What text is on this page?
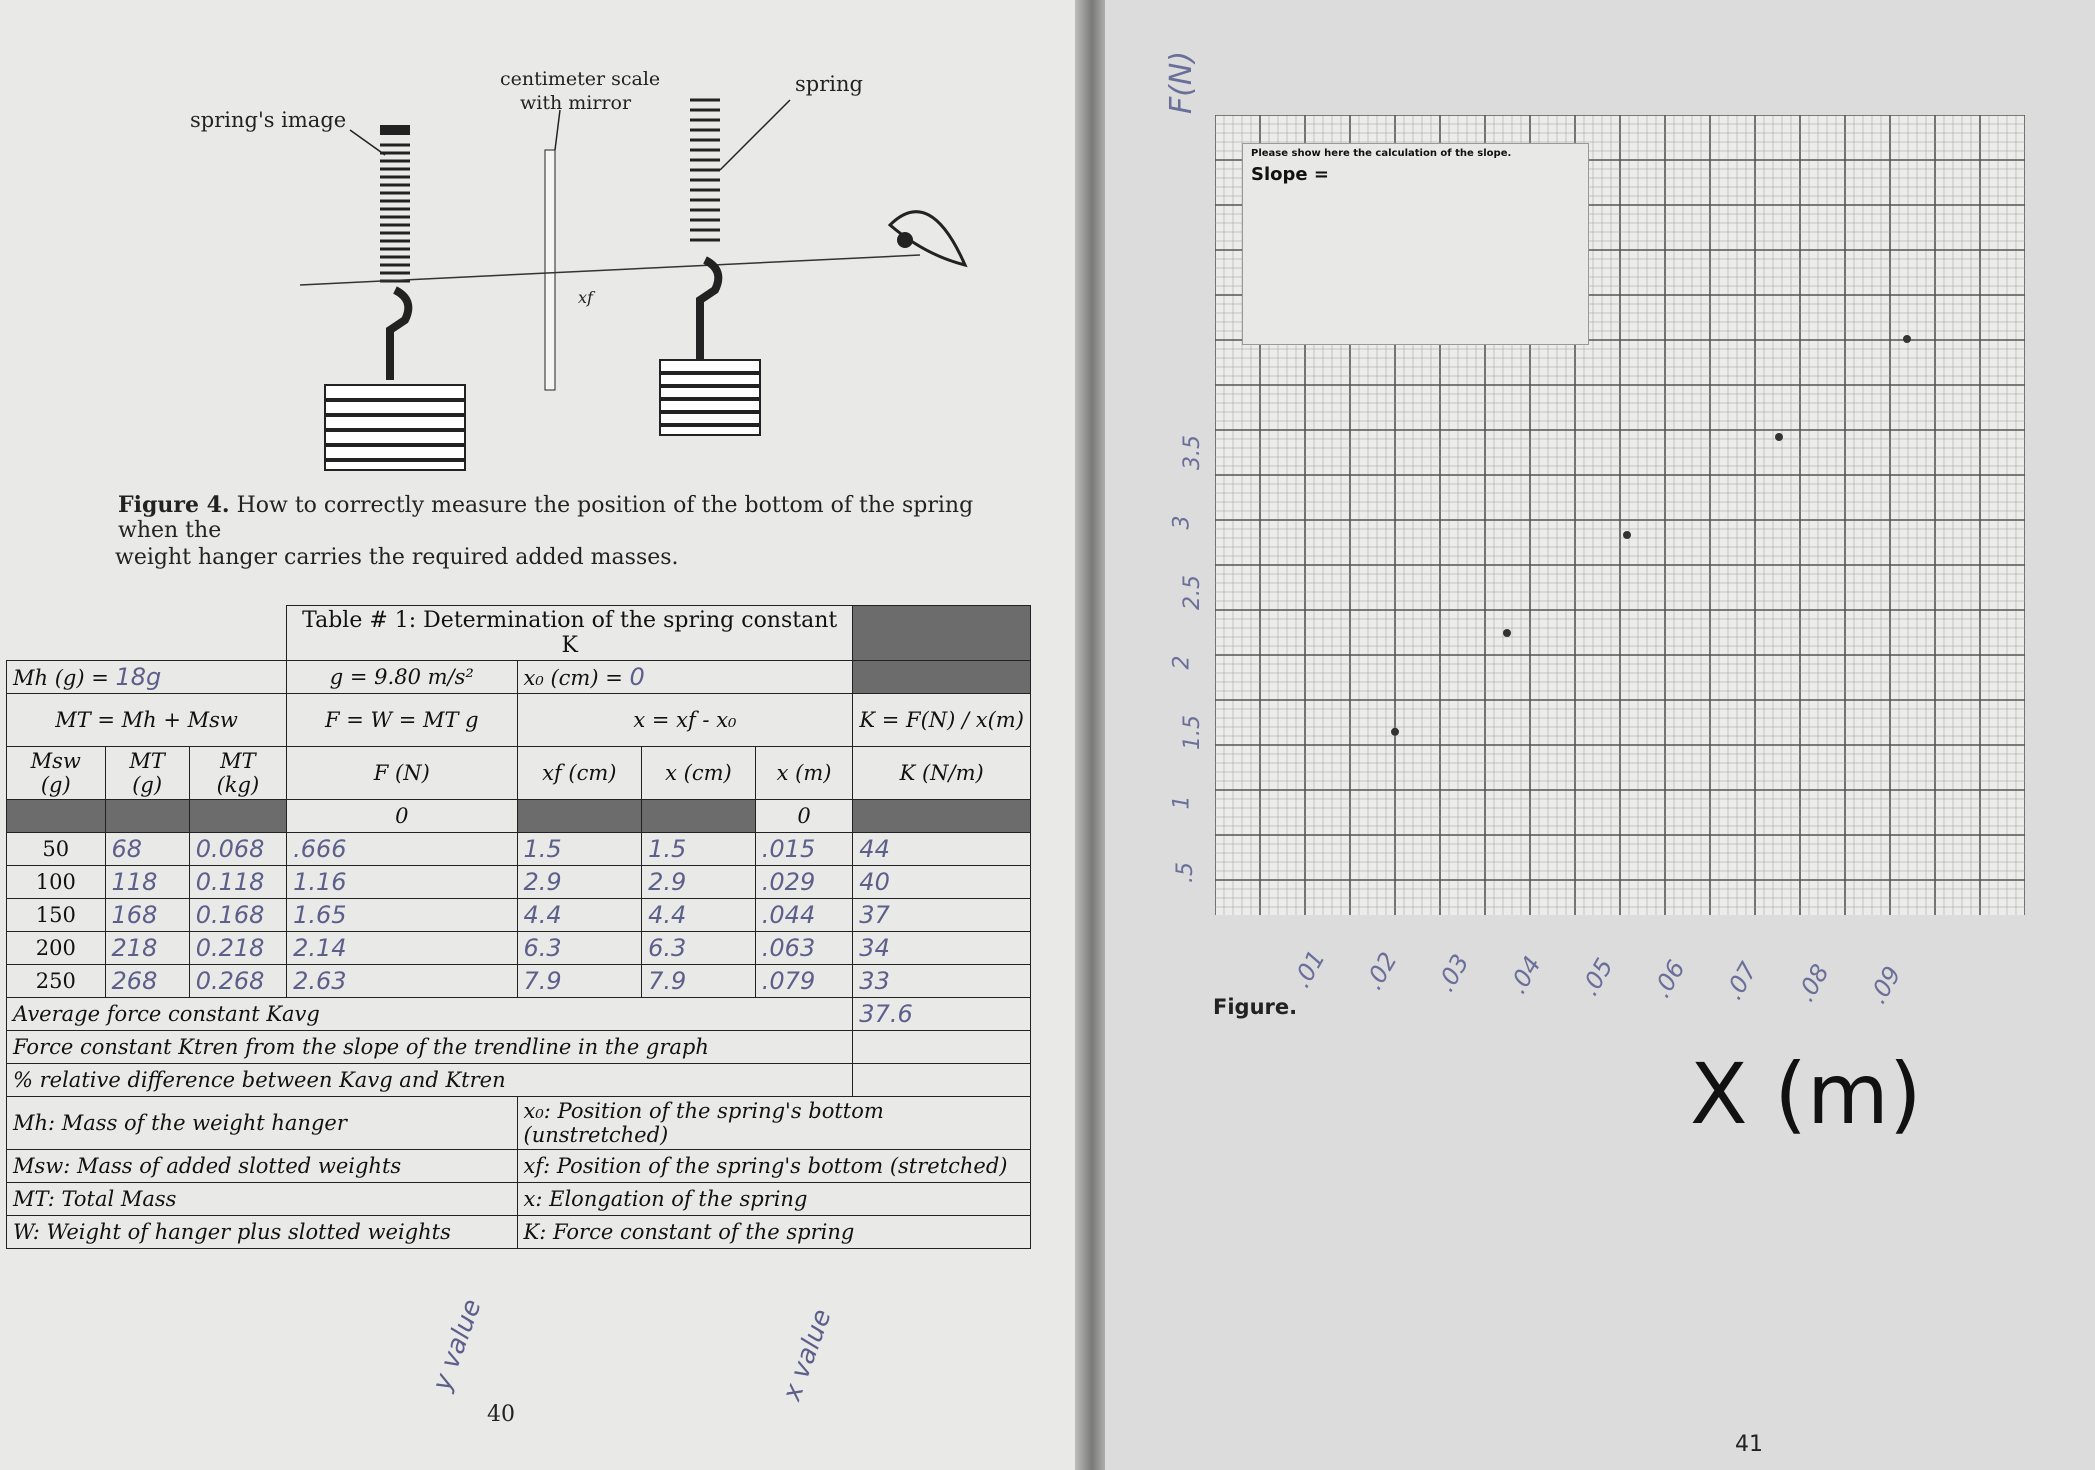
spring's image
centimeter scale
with mirror
spring
xf
Figure 4. How to correctly measure the position of the bottom of the spring when the
weight hanger carries the required added masses.
			Table # 1: Determination of the spring constant K				
Mh (g) = 18g			g = 9.80 m/s²	x₀ (cm) = 0			
MT = Mh + Msw			F = W = MT g	x = xf - x₀			K = F(N) / x(m)
Msw (g)	MT (g)	MT (kg)	F (N)	xf (cm)	x (cm)	x (m)	K (N/m)
			0			0	
50	68	0.068	.666	1.5	1.5	.015	44
100	118	0.118	1.16	2.9	2.9	.029	40
150	168	0.168	1.65	4.4	4.4	.044	37
200	218	0.218	2.14	6.3	6.3	.063	34
250	268	0.268	2.63	7.9	7.9	.079	33
Average force constant Kavg							37.6
Force constant Ktren from the slope of the trendline in the graph							
% relative difference between Kavg and Ktren							
Mh: Mass of the weight hanger				x₀: Position of the spring's bottom (unstretched)			
Msw: Mass of added slotted weights				xf: Position of the spring's bottom (stretched)			
MT: Total Mass				x: Elongation of the spring			
W: Weight of hanger plus slotted weights				K: Force constant of the spring			
y value	x value
40
Please show here the calculation of the slope.
Slope =
Figure.
X (m)
F(N)
.01 .02 .03 .04 .05 .06 .07 .08 .09
.5
1
1.5
2
2.5
3
3.5
41
